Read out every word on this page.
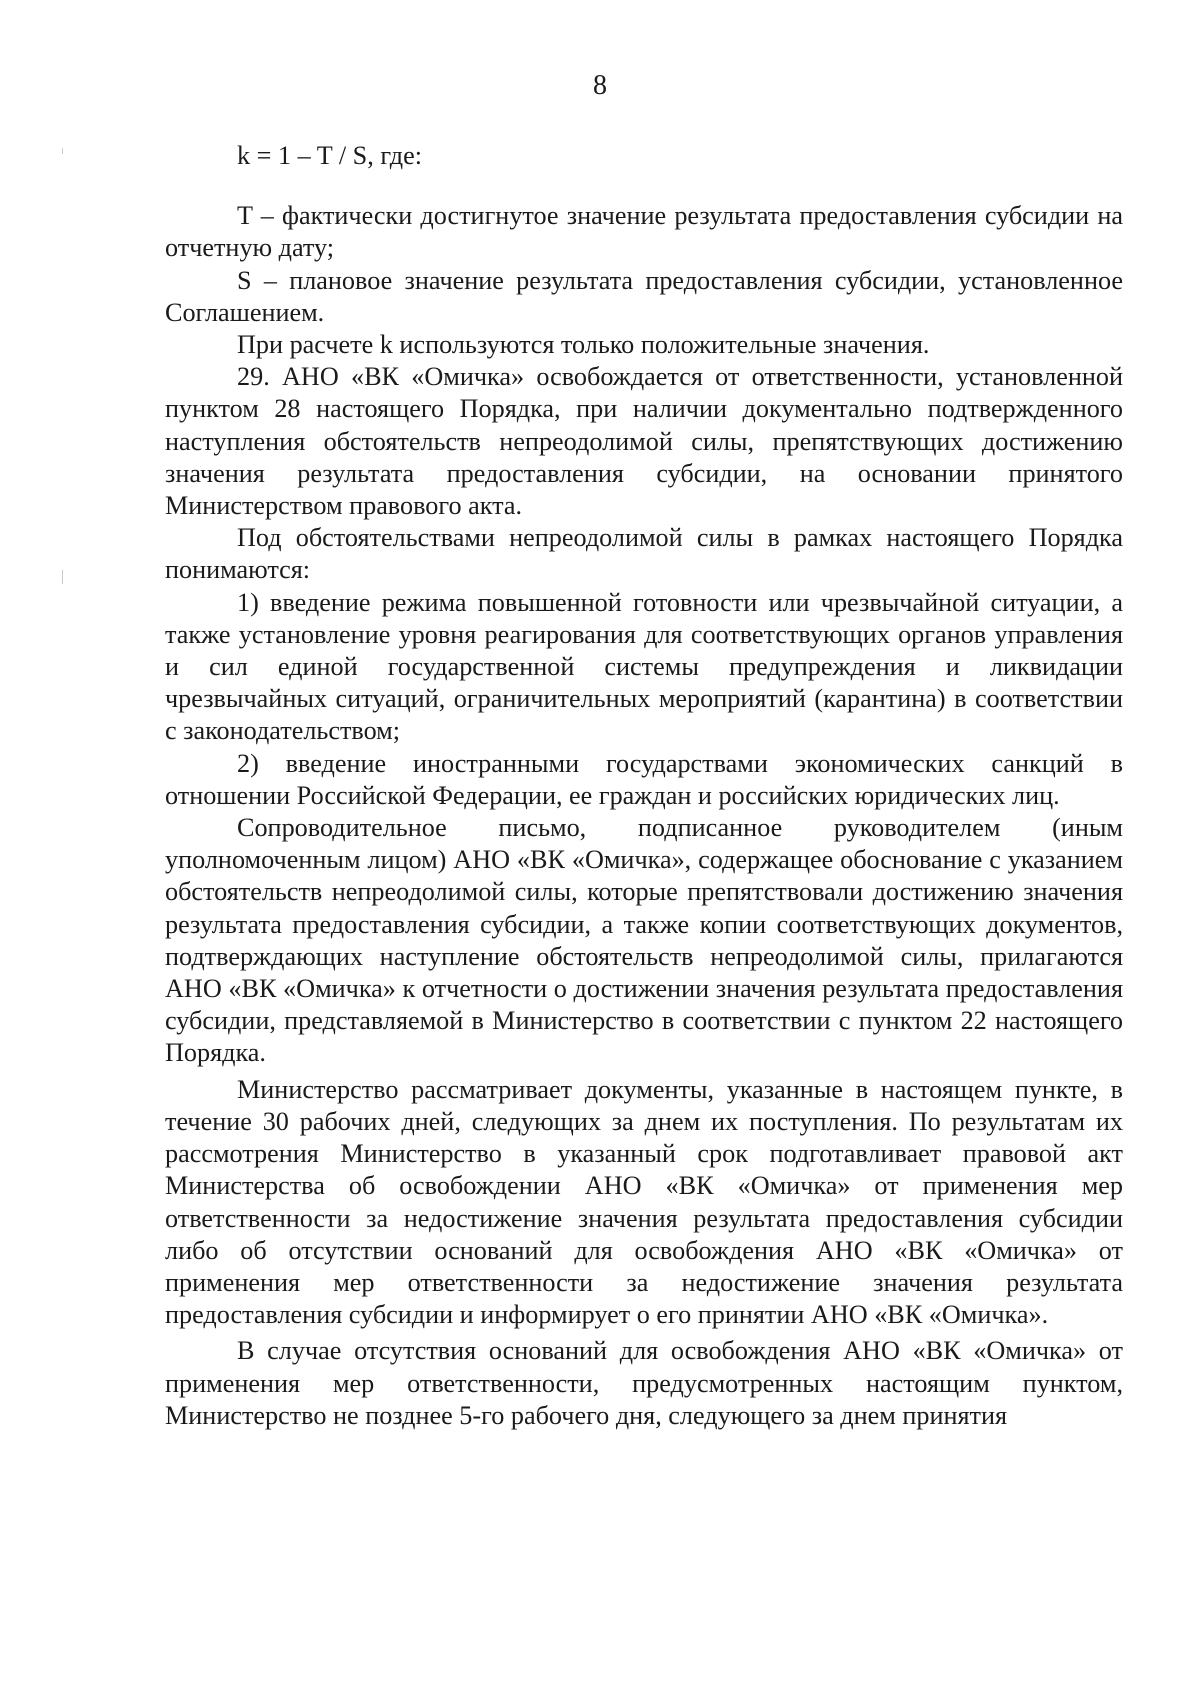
8

k = 1 – T / S, где:

T – фактически достигнутое значение результата предоставления субсидии на отчетную дату;

S – плановое значение результата предоставления субсидии, установленное Соглашением.

При расчете k используются только положительные значения.

29. АНО «ВК «Омичка» освобождается от ответственности, установленной пунктом 28 настоящего Порядка, при наличии документально подтвержденного наступления обстоятельств непреодолимой силы, препятствующих достижению значения результата предоставления субсидии, на основании принятого Министерством правового акта.

Под обстоятельствами непреодолимой силы в рамках настоящего Порядка понимаются:

1) введение режима повышенной готовности или чрезвычайной ситуации, а также установление уровня реагирования для соответствующих органов управления и сил единой государственной системы предупреждения и ликвидации чрезвычайных ситуаций, ограничительных мероприятий (карантина) в соответствии с законодательством;

2) введение иностранными государствами экономических санкций в отношении Российской Федерации, ее граждан и российских юридических лиц.

Сопроводительное письмо, подписанное руководителем (иным уполномоченным лицом) АНО «ВК «Омичка», содержащее обоснование с указанием обстоятельств непреодолимой силы, которые препятствовали достижению значения результата предоставления субсидии, а также копии соответствующих документов, подтверждающих наступление обстоятельств непреодолимой силы, прилагаются АНО «ВК «Омичка» к отчетности о достижении значения результата предоставления субсидии, представляемой в Министерство в соответствии с пунктом 22 настоящего Порядка.

Министерство рассматривает документы, указанные в настоящем пункте, в течение 30 рабочих дней, следующих за днем их поступления. По результатам их рассмотрения Министерство в указанный срок подготавливает правовой акт Министерства об освобождении АНО «ВК «Омичка» от применения мер ответственности за недостижение значения результата предоставления субсидии либо об отсутствии оснований для освобождения АНО «ВК «Омичка» от применения мер ответственности за недостижение значения результата предоставления субсидии и информирует о его принятии АНО «ВК «Омичка».

В случае отсутствия оснований для освобождения АНО «ВК «Омичка» от применения мер ответственности, предусмотренных настоящим пунктом, Министерство не позднее 5-го рабочего дня, следующего за днем принятия
